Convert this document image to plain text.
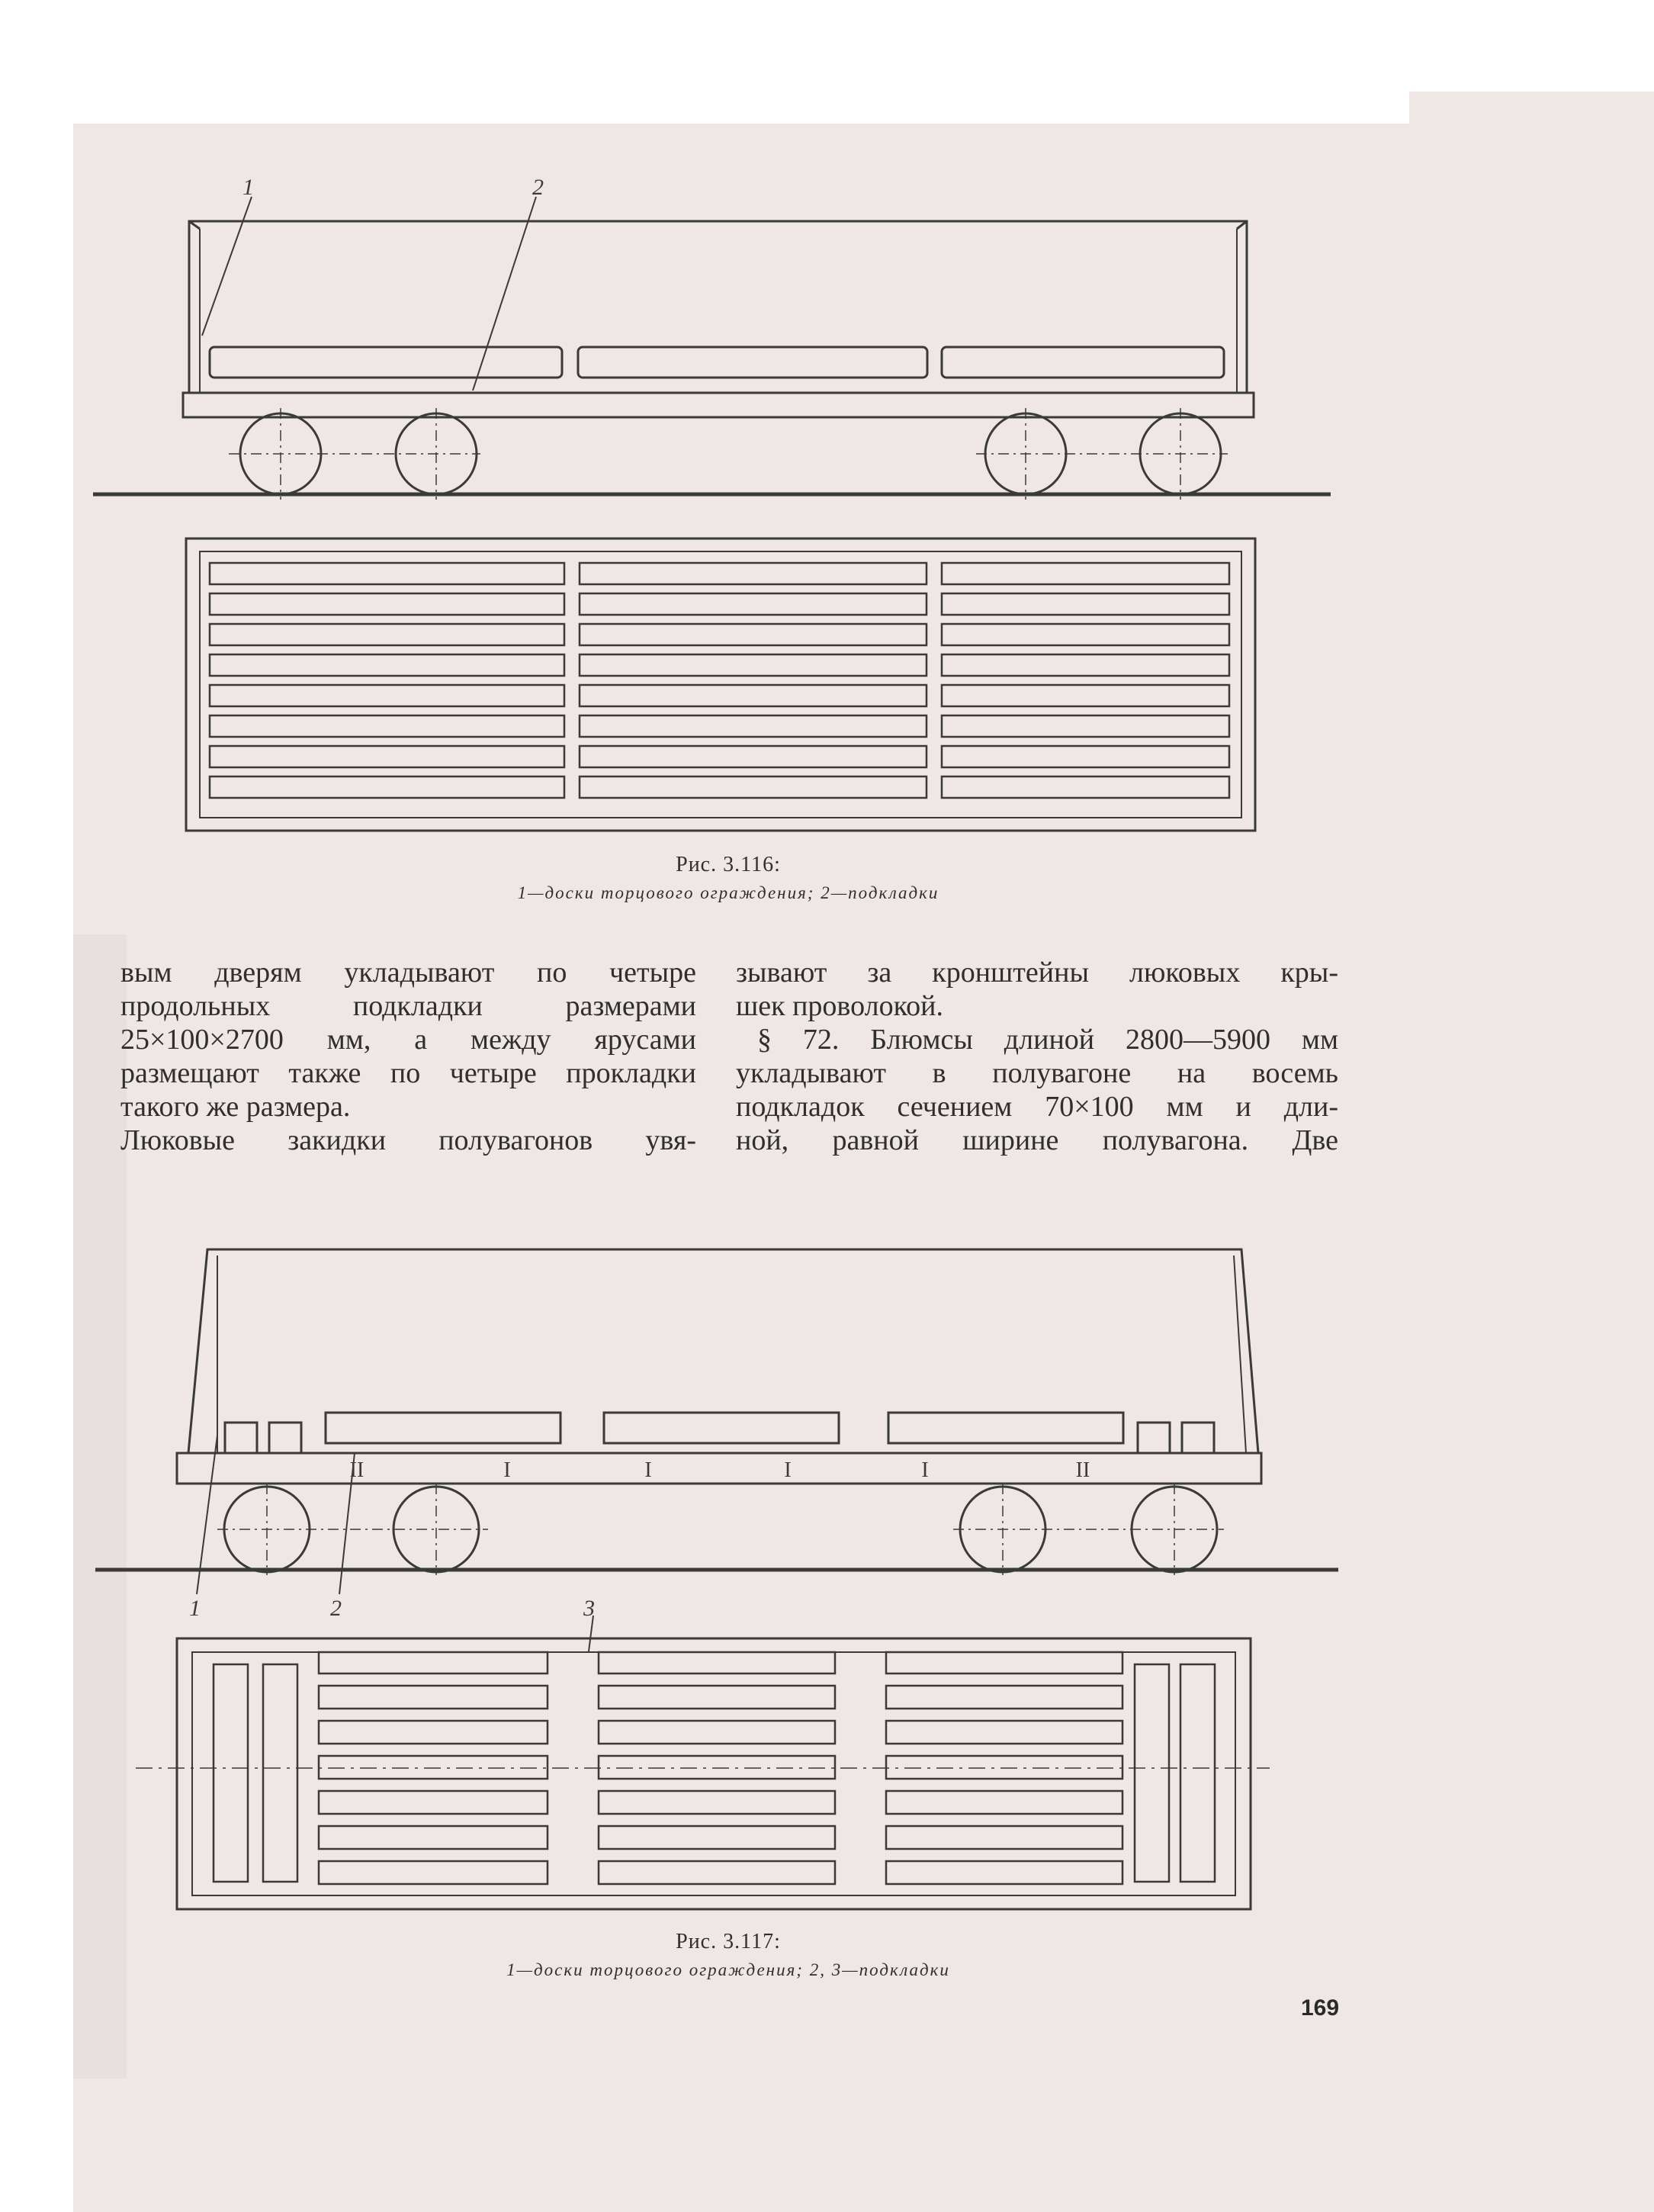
1	2
II	I	I	I	I	II
1	2	3
Рис. 3.116:
1—доски торцового ограждения; 2—подкладки
вым дверям укладывают по четыре
продольных подкладки размерами
25×100×2700 мм, а между ярусами
размещают также по четыре прокладки
такого же размера.
Люковые закидки полувагонов увя-
зывают за кронштейны люковых кры-
шек проволокой.
§ 72. Блюмсы длиной 2800—5900 мм
укладывают в полувагоне на восемь
подкладок сечением 70×100 мм и дли-
ной, равной ширине полувагона. Две
Рис. 3.117:
1—доски торцового ограждения; 2, 3—подкладки
169
